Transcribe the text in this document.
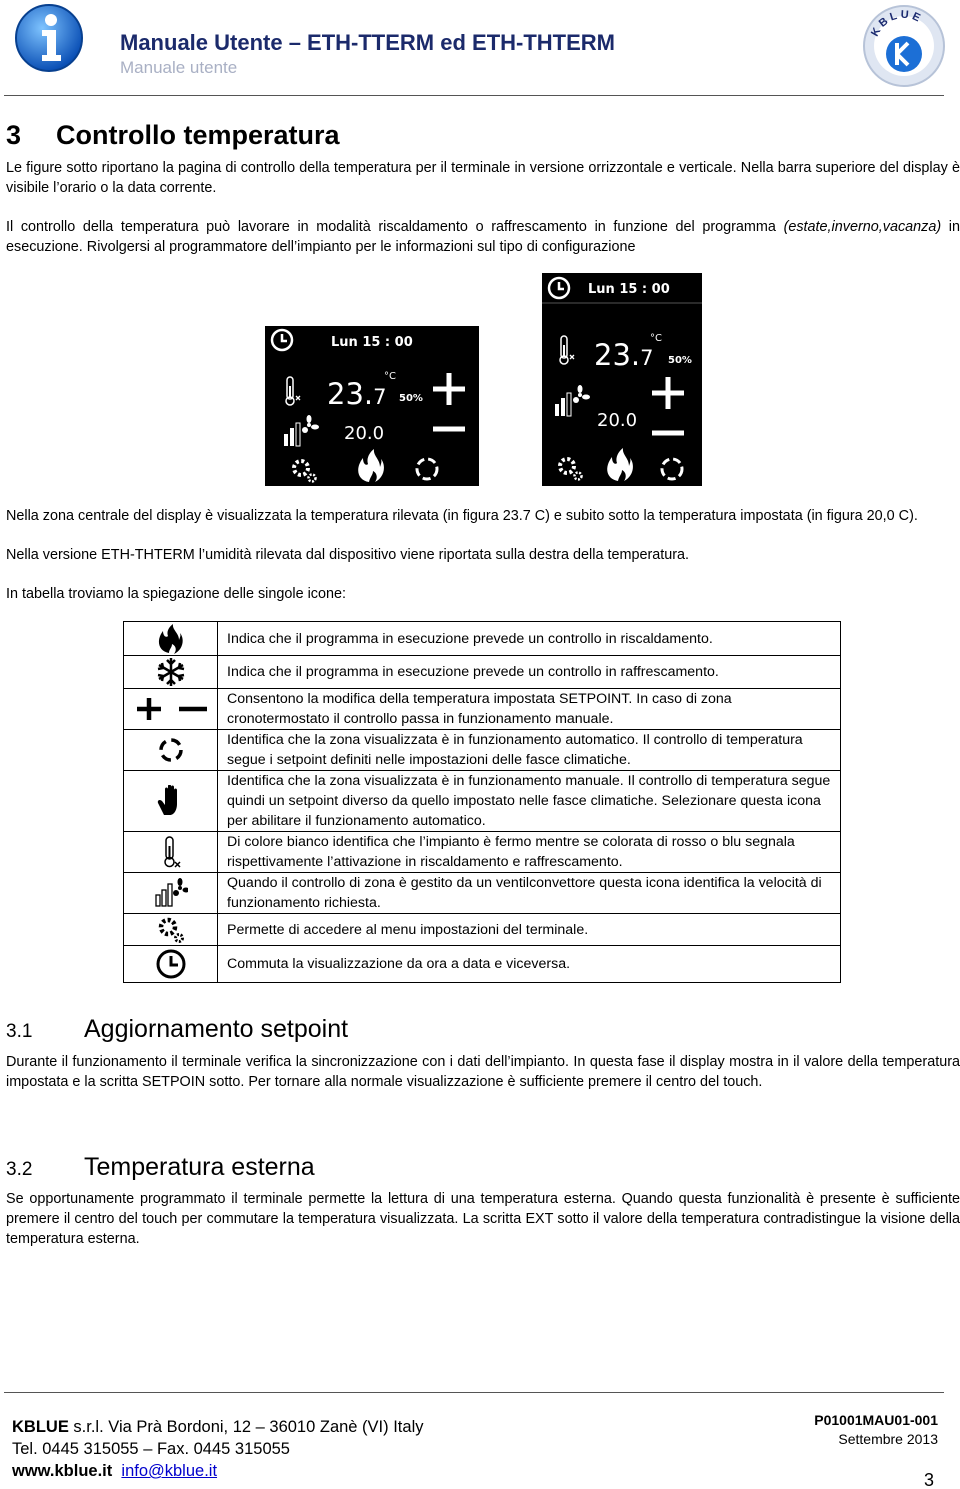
Manuale Utente – ETH-TTERM ed ETH-THTERM
Manuale utente
KBLUE
3 Controllo temperatura
Le figure sotto riportano la pagina di controllo della temperatura per il terminale in versione orrizzontale e verticale. Nella barra superiore del display è visibile l’orario o la data corrente.
Il controllo della temperatura può lavorare in modalità riscaldamento o raffrescamento in funzione del programma (estate,inverno,vacanza) in esecuzione. Rivolgersi al programmatore dell’impianto per le informazioni sul tipo di configurazione
Lun 15 : 00
23.7
°C
50%
20.0
Lun 15 : 00
°C
23.7 50%
20.0
Nella zona centrale del display è visualizzata la temperatura rilevata (in figura 23.7 C) e subito sotto la temperatura impostata (in figura 20,0 C).
Nella versione ETH-THTERM l’umidità rilevata dal dispositivo viene riportata sulla destra della temperatura.
In tabella troviamo la spiegazione delle singole icone:
	Indica che il programma in esecuzione prevede un controllo in riscaldamento.

	Indica che il programma in esecuzione prevede un controllo in raffrescamento.

	Consentono la modifica della temperatura impostata SETPOINT. In caso di zona cronotermostato il controllo passa in funzionamento manuale.

	Identifica che la zona visualizzata è in funzionamento automatico. Il controllo di temperatura segue i setpoint definiti nelle impostazioni delle fasce climatiche.

	Identifica che la zona visualizzata è in funzionamento manuale. Il controllo di temperatura segue quindi un setpoint diverso da quello impostato nelle fasce climatiche. Selezionare questa icona per abilitare il funzionamento automatico.

	Di colore bianco identifica che l’impianto è fermo mentre se colorata di rosso o blu segnala rispettivamente l’attivazione in riscaldamento e raffrescamento.

	Quando il controllo di zona è gestito da un ventilconvettore questa icona identifica la velocità di funzionamento richiesta.

	Permette di accedere al menu impostazioni del terminale.

	Commuta la visualizzazione da ora a data e viceversa.
3.1 Aggiornamento setpoint
Durante il funzionamento il terminale verifica la sincronizzazione con i dati dell’impianto. In questa fase il display mostra in il valore della temperatura impostata e la scritta SETPOIN sotto. Per tornare alla normale visualizzazione è sufficiente premere il centro del touch.
3.2 Temperatura esterna
Se opportunamente programmato il terminale permette la lettura di una temperatura esterna. Quando questa funzionalità è presente è sufficiente premere il centro del touch per commutare la temperatura visualizzata. La scritta EXT sotto il valore della temperatura contradistingue la visione della temperatura esterna.
KBLUE s.r.l. Via Prà Bordoni, 12 – 36010 Zanè (VI) Italy
Tel. 0445 315055 – Fax. 0445 315055
www.kblue.it info@kblue.it
P01001MAU01-001
Settembre 2013
3
